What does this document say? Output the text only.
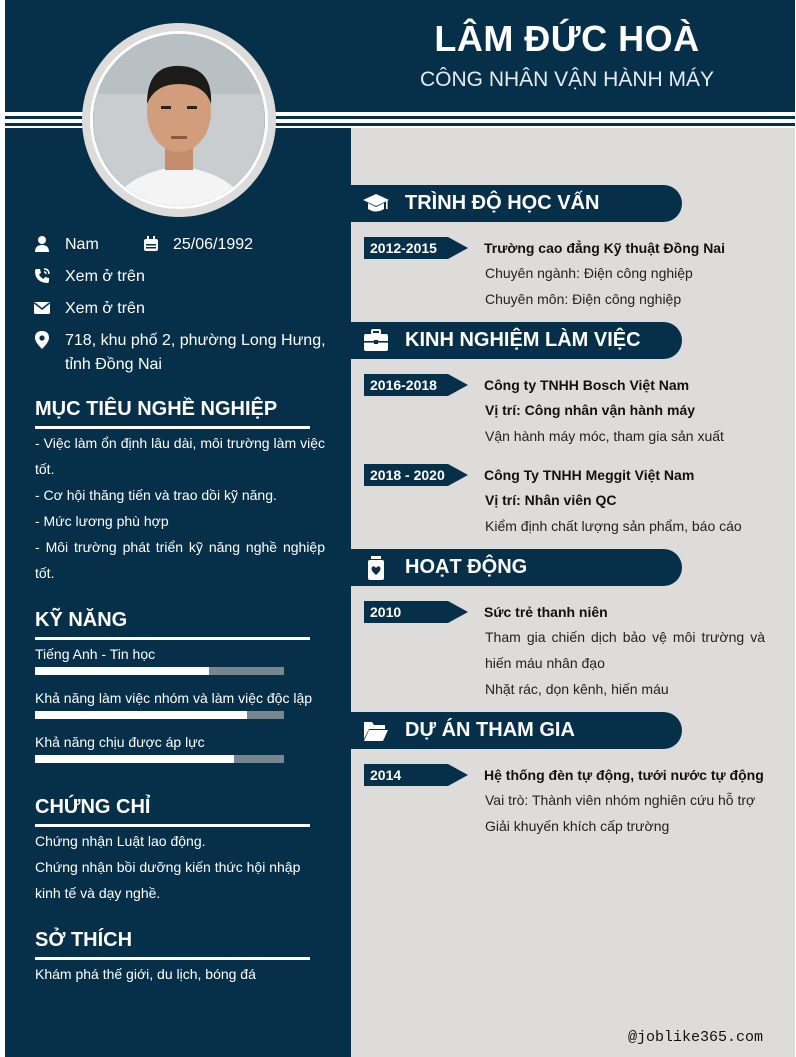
LÂM ĐỨC HOÀ
CÔNG NHÂN VẬN HÀNH MÁY
Nam	25/06/1992
Xem ở trên
Xem ở trên
718, khu phố 2, phường Long Hưng,
tỉnh Đồng Nai
MỤC TIÊU NGHỀ NGHIỆP
- Việc làm ổn định lâu dài, môi trường làm việc tốt.
- Cơ hội thăng tiến và trao dồi kỹ năng.
- Mức lương phù hợp
- Môi trường phát triển kỹ năng nghề nghiệp tốt.
KỸ NĂNG
Tiếng Anh - Tin học
Khả năng làm việc nhóm và làm việc độc lập
Khả năng chịu được áp lực
CHỨNG CHỈ
Chứng nhận Luật lao động.
Chứng nhận bồi dưỡng kiến thức hội nhập kinh tế và dạy nghề.
SỞ THÍCH
Khám phá thế giới, du lịch, bóng đá
TRÌNH ĐỘ HỌC VẤN
2012-2015	Trường cao đẳng Kỹ thuật Đồng Nai
Chuyên ngành: Điện công nghiệp
Chuyên môn: Điện công nghiệp
KINH NGHIỆM LÀM VIỆC
2016-2018	Công ty TNHH Bosch Việt Nam
Vị trí: Công nhân vận hành máy
Vận hành máy móc, tham gia sản xuất
2018 - 2020	Công Ty TNHH Meggit Việt Nam
Vị trí: Nhân viên QC
Kiểm định chất lượng sản phẩm, báo cáo
HOẠT ĐỘNG
2010	Sức trẻ thanh niên
Tham gia chiến dịch bảo vệ môi trường và hiến máu nhân đạo
Nhặt rác, dọn kênh, hiến máu
DỰ ÁN THAM GIA
2014	Hệ thống đèn tự động, tưới nước tự động
Vai trò: Thành viên nhóm nghiên cứu hỗ trợ
Giải khuyến khích cấp trường
@joblike365.com
